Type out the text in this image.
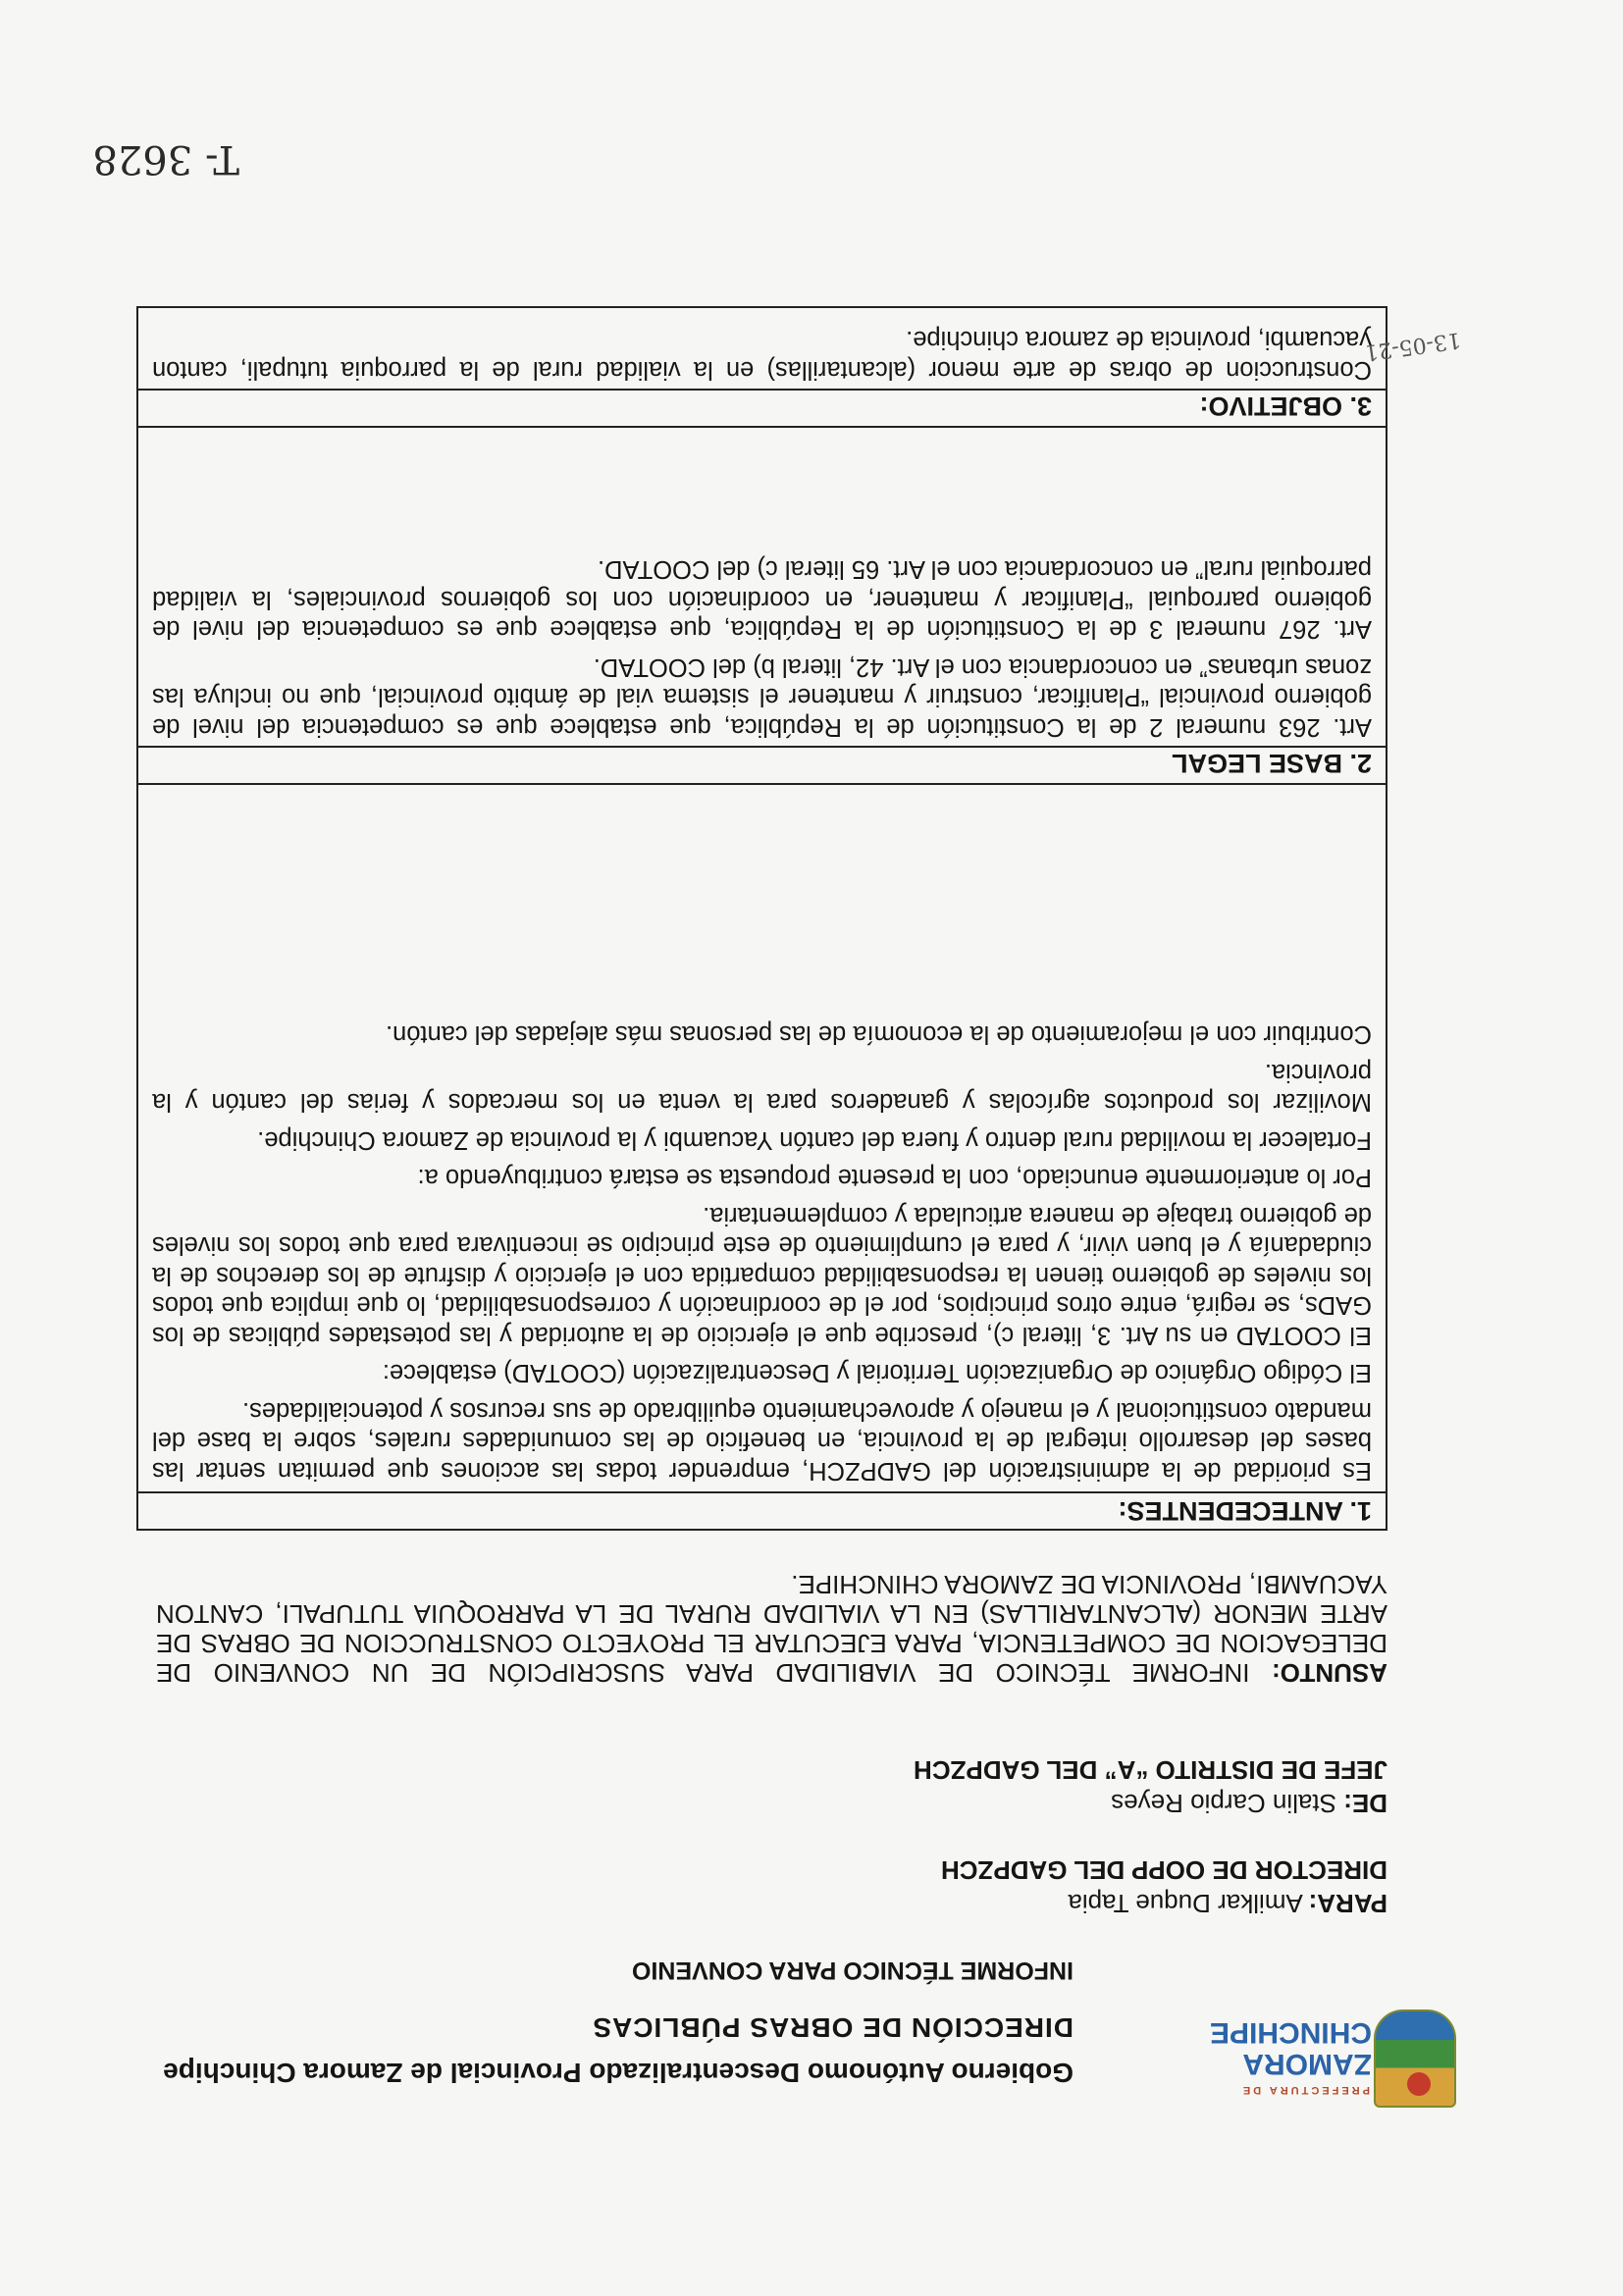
PREFECTURA DE
ZAMORA
CHINCHIPE
Gobierno Autónomo Descentralizado Provincial de Zamora Chinchipe
DIRECCIÓN DE OBRAS PÚBLICAS
INFORME TÉCNICO PARA CONVENIO
PARA: Amilkar Duque Tapia
DIRECTOR DE OOPP DEL GADPZCH
DE: Stalin Carpio Reyes
JEFE DE DISTRITO “A” DEL GADPZCH
ASUNTO: INFORME TÉCNICO DE VIABILIDAD PARA SUSCRIPCIÓN DE UN CONVENIO DE DELEGACION DE COMPETENCIA, PARA EJECUTAR EL PROYECTO CONSTRUCCION DE OBRAS DE ARTE MENOR (ALCANTARILLAS) EN LA VIALIDAD RURAL DE LA PARROQUIA TUTUPALI, CANTON YACUAMBI, PROVINCIA DE ZAMORA CHINCHIPE.
1. ANTECEDENTES:

Es prioridad de la administración del GADPZCH, emprender todas las acciones que permitan sentar las bases del desarrollo integral de la provincia, en beneficio de las comunidades rurales, sobre la base del mandato constitucional y el manejo y aprovechamiento equilibrado de sus recursos y potencialidades.

El Código Orgánico de Organización Territorial y Descentralización (COOTAD) establece:

El COOTAD en su Art. 3, literal c), prescribe que el ejercicio de la autoridad y las potestades públicas de los GADs, se regirá, entre otros principios, por el de coordinación y corresponsabilidad, lo que implica que todos los niveles de gobierno tienen la responsabilidad compartida con el ejercicio y disfrute de los derechos de la ciudadanía y el buen vivir, y para el cumplimiento de este principio se incentivara para que todos los niveles de gobierno trabaje de manera articulada y complementaria.

Por lo anteriormente enunciado, con la presente propuesta se estará contribuyendo a:

Fortalecer la movilidad rural dentro y fuera del cantón Yacuambi y la provincia de Zamora Chinchipe.

Movilizar los productos agrícolas y ganaderos para la venta en los mercados y ferias del cantón y la provincia.

Contribuir con el mejoramiento de la economía de las personas más alejadas del cantón.

2. BASE LEGAL

Art. 263 numeral 2 de la Constitución de la República, que establece que es competencia del nivel de gobierno provincial “Planificar, construir y mantener el sistema vial de ámbito provincial, que no incluya las zonas urbanas” en concordancia con el Art. 42, literal b) del COOTAD.

Art. 267 numeral 3 de la Constitución de la República, que establece que es competencia del nivel de gobierno parroquial “Planificar y mantener, en coordinación con los gobiernos provinciales, la vialidad parroquial rural” en concordancia con el Art. 65 literal c) del COOTAD.

3. OBJETIVO:

Construccion de obras de arte menor (alcantarillas) en la vialidad rural de la parroquia tutupali, canton yacuambi, provincia de zamora chinchipe.

T- 3628
13-05-21
